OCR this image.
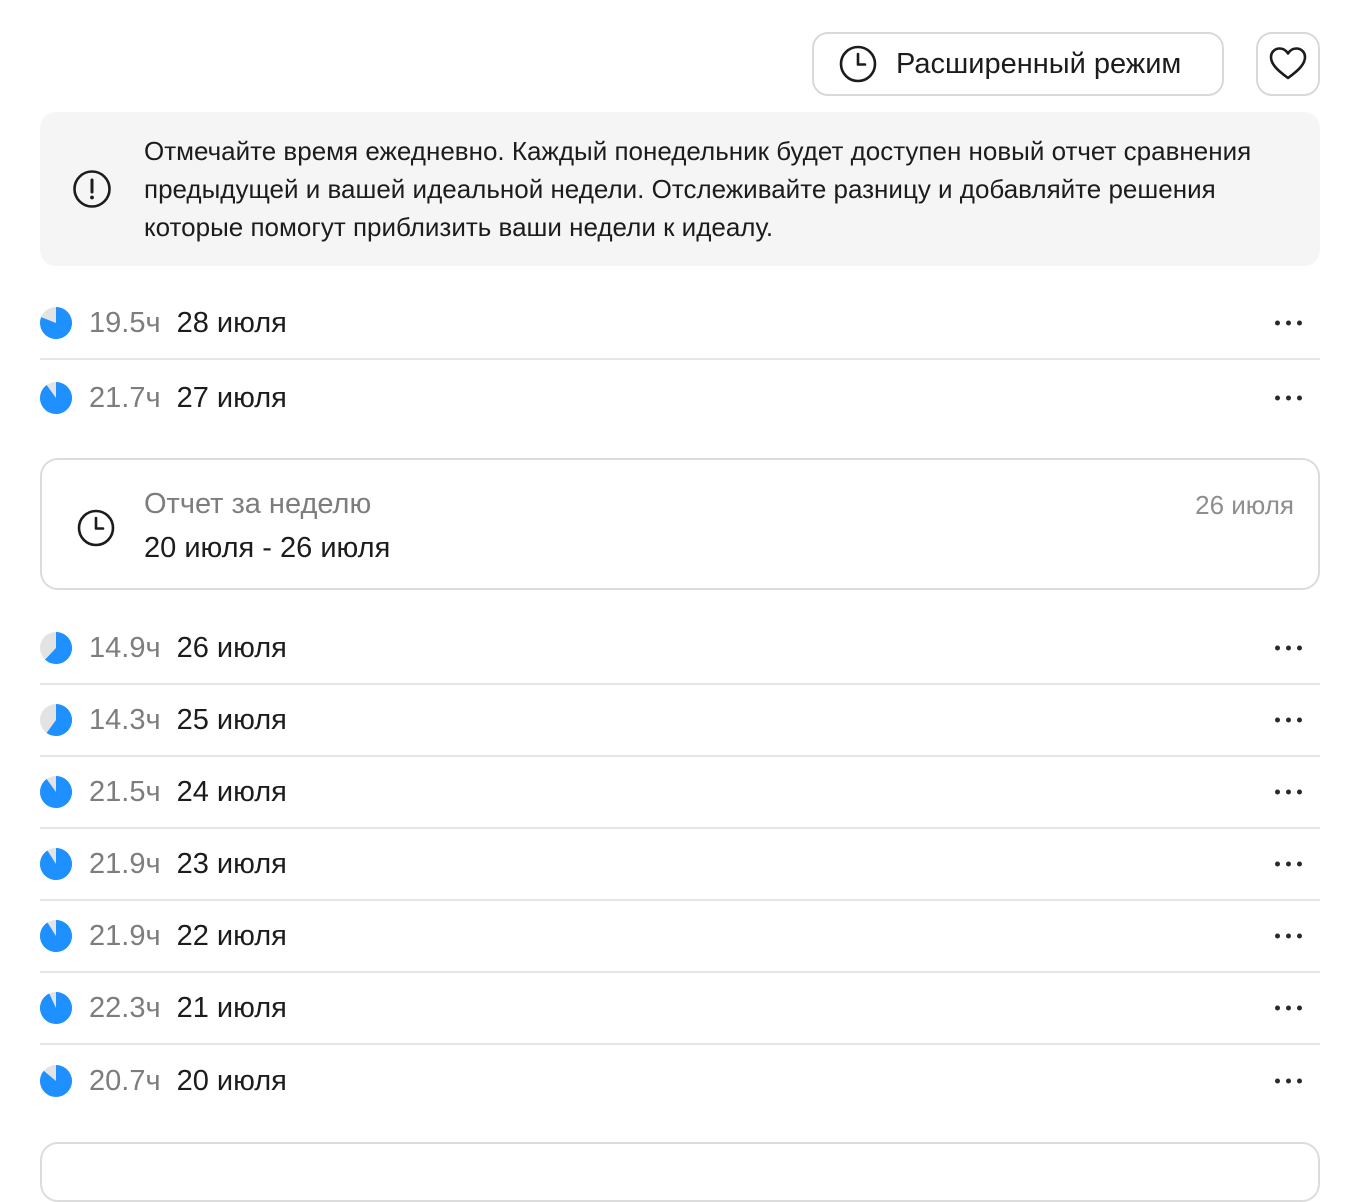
Расширенный режим
Отмечайте время ежедневно. Каждый понедельник будет доступен новый отчет сравнения предыдущей и вашей идеальной недели. Отслеживайте разницу и добавляйте решения которые помогут приблизить ваши недели к идеалу.
19.5ч 28 июля
21.7ч 27 июля
Отчет за неделю
20 июля - 26 июля
26 июля
14.9ч 26 июля
14.3ч 25 июля
21.5ч 24 июля
21.9ч 23 июля
21.9ч 22 июля
22.3ч 21 июля
20.7ч 20 июля
